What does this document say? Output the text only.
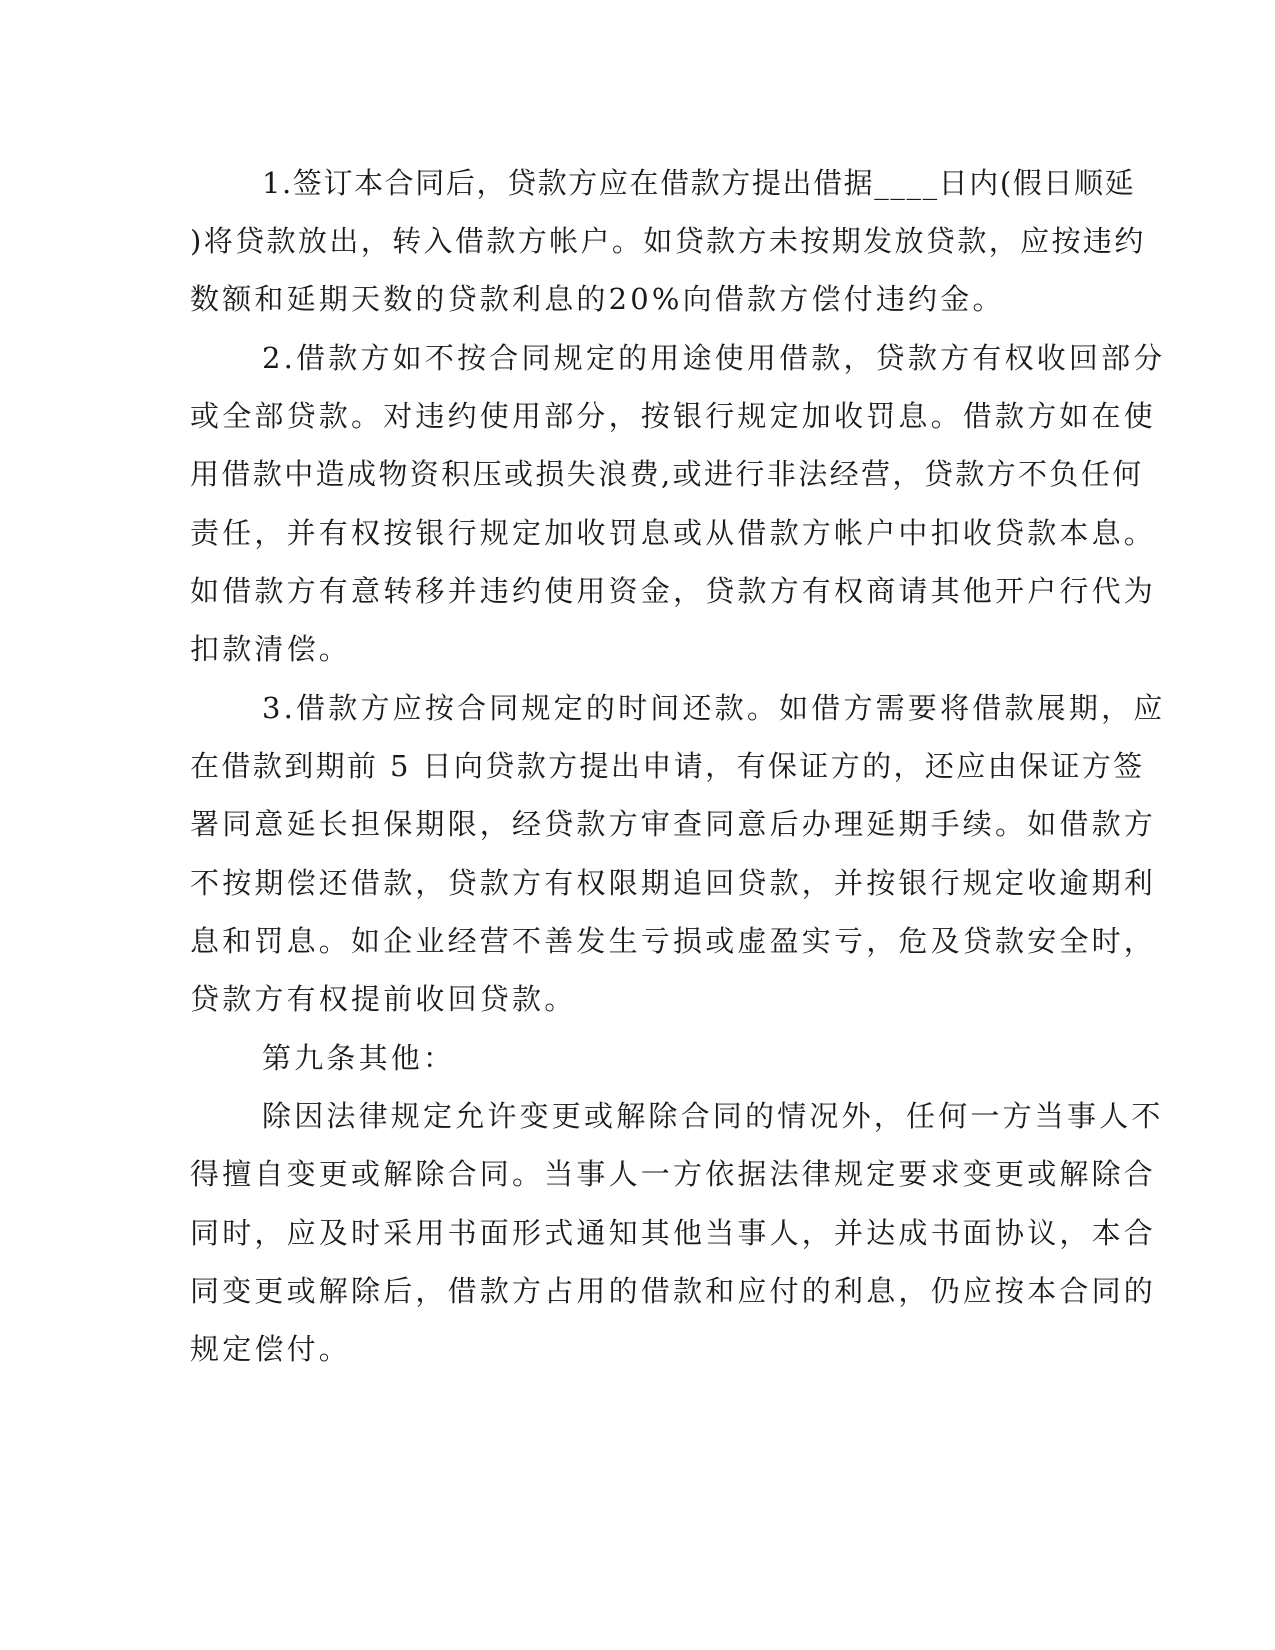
1.签订本合同后，贷款方应在借款方提出借据____日内(假日顺延
)将贷款放出，转入借款方帐户。如贷款方未按期发放贷款，应按违约
数额和延期天数的贷款利息的20%向借款方偿付违约金。
2.借款方如不按合同规定的用途使用借款，贷款方有权收回部分
或全部贷款。对违约使用部分，按银行规定加收罚息。借款方如在使
用借款中造成物资积压或损失浪费,或进行非法经营，贷款方不负任何
责任，并有权按银行规定加收罚息或从借款方帐户中扣收贷款本息。
如借款方有意转移并违约使用资金，贷款方有权商请其他开户行代为
扣款清偿。
3.借款方应按合同规定的时间还款。如借方需要将借款展期，应
在借款到期前 5 日向贷款方提出申请，有保证方的，还应由保证方签
署同意延长担保期限，经贷款方审查同意后办理延期手续。如借款方
不按期偿还借款，贷款方有权限期追回贷款，并按银行规定收逾期利
息和罚息。如企业经营不善发生亏损或虚盈实亏，危及贷款安全时，
贷款方有权提前收回贷款。
第九条其他：
除因法律规定允许变更或解除合同的情况外，任何一方当事人不
得擅自变更或解除合同。当事人一方依据法律规定要求变更或解除合
同时，应及时采用书面形式通知其他当事人，并达成书面协议，本合
同变更或解除后，借款方占用的借款和应付的利息，仍应按本合同的
规定偿付。
